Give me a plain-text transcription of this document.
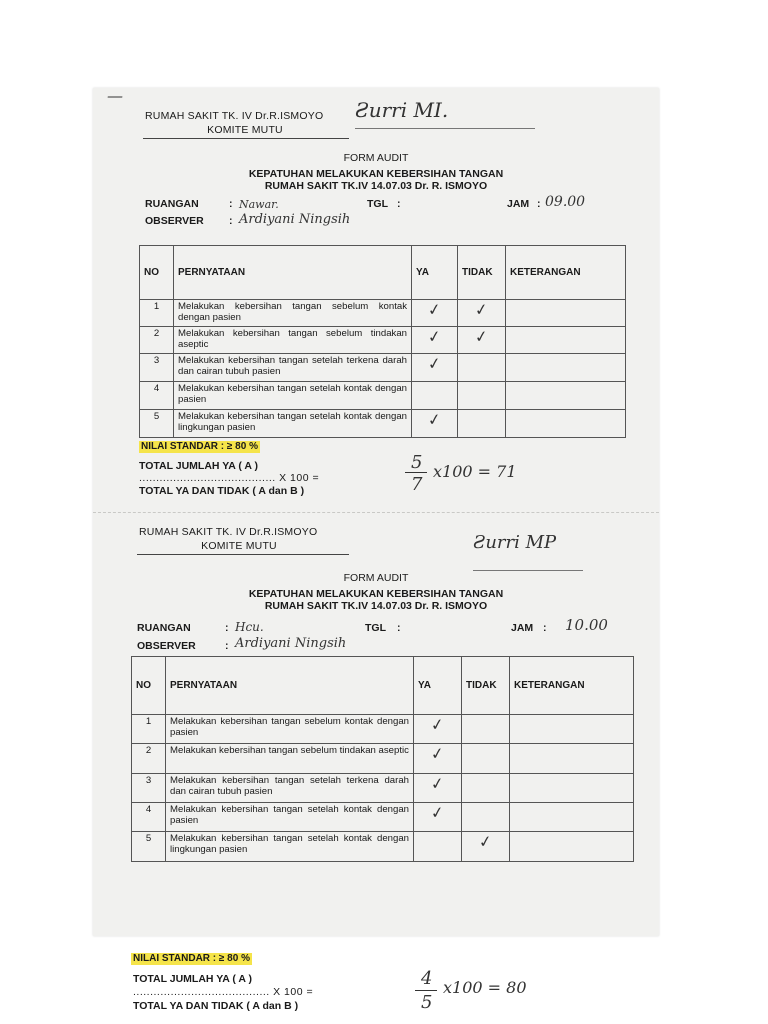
—
RUMAH SAKIT TK. IV Dr.R.ISMOYO
KOMITE MUTU
Ƨurri MI.
FORM AUDIT
KEPATUHAN MELAKUKAN KEBERSIHAN TANGAN
RUMAH SAKIT TK.IV 14.07.03 Dr. R. ISMOYO
RUANGAN	: Nawar.	TGL :	JAM : 09.00
OBSERVER : Ardiyani Ningsih
NO	PERNYATAAN	YA	TIDAK	KETERANGAN
1	Melakukan kebersihan tangan sebelum kontak dengan pasien	✓	✓	

2	Melakukan kebersihan tangan sebelum tindakan aseptic	✓	✓	

3	Melakukan kebersihan tangan setelah terkena darah dan cairan tubuh pasien	✓		

4	Melakukan kebersihan tangan setelah kontak dengan pasien	

5	Melakukan kebersihan tangan setelah kontak dengan lingkungan pasien	✓		

NILAI STANDAR : ≥ 80 %
TOTAL JUMLAH YA ( A )
........................................ X 100 =
TOTAL YA DAN TIDAK ( A dan B )
5
7
x100 = 71
RUMAH SAKIT TK. IV Dr.R.ISMOYO
KOMITE MUTU	Ƨurri MP
FORM AUDIT
KEPATUHAN MELAKUKAN KEBERSIHAN TANGAN
RUMAH SAKIT TK.IV 14.07.03 Dr. R. ISMOYO
RUANGAN	: Hcu.	TGL :	JAM : 10.00
OBSERVER	: Ardiyani Ningsih
NO	PERNYATAAN	YA	TIDAK	KETERANGAN
1	Melakukan kebersihan tangan sebelum kontak dengan pasien	✓		

2	Melakukan kebersihan tangan sebelum tindakan aseptic	✓		

3	Melakukan kebersihan tangan setelah terkena darah dan cairan tubuh pasien	✓		

4	Melakukan kebersihan tangan setelah kontak dengan pasien	✓		

5	Melakukan kebersihan tangan setelah kontak dengan lingkungan pasien		✓	

NILAI STANDAR : ≥ 80 %
TOTAL JUMLAH YA ( A )
........................................ X 100 =
TOTAL YA DAN TIDAK ( A dan B )
4
5
x100 = 80
